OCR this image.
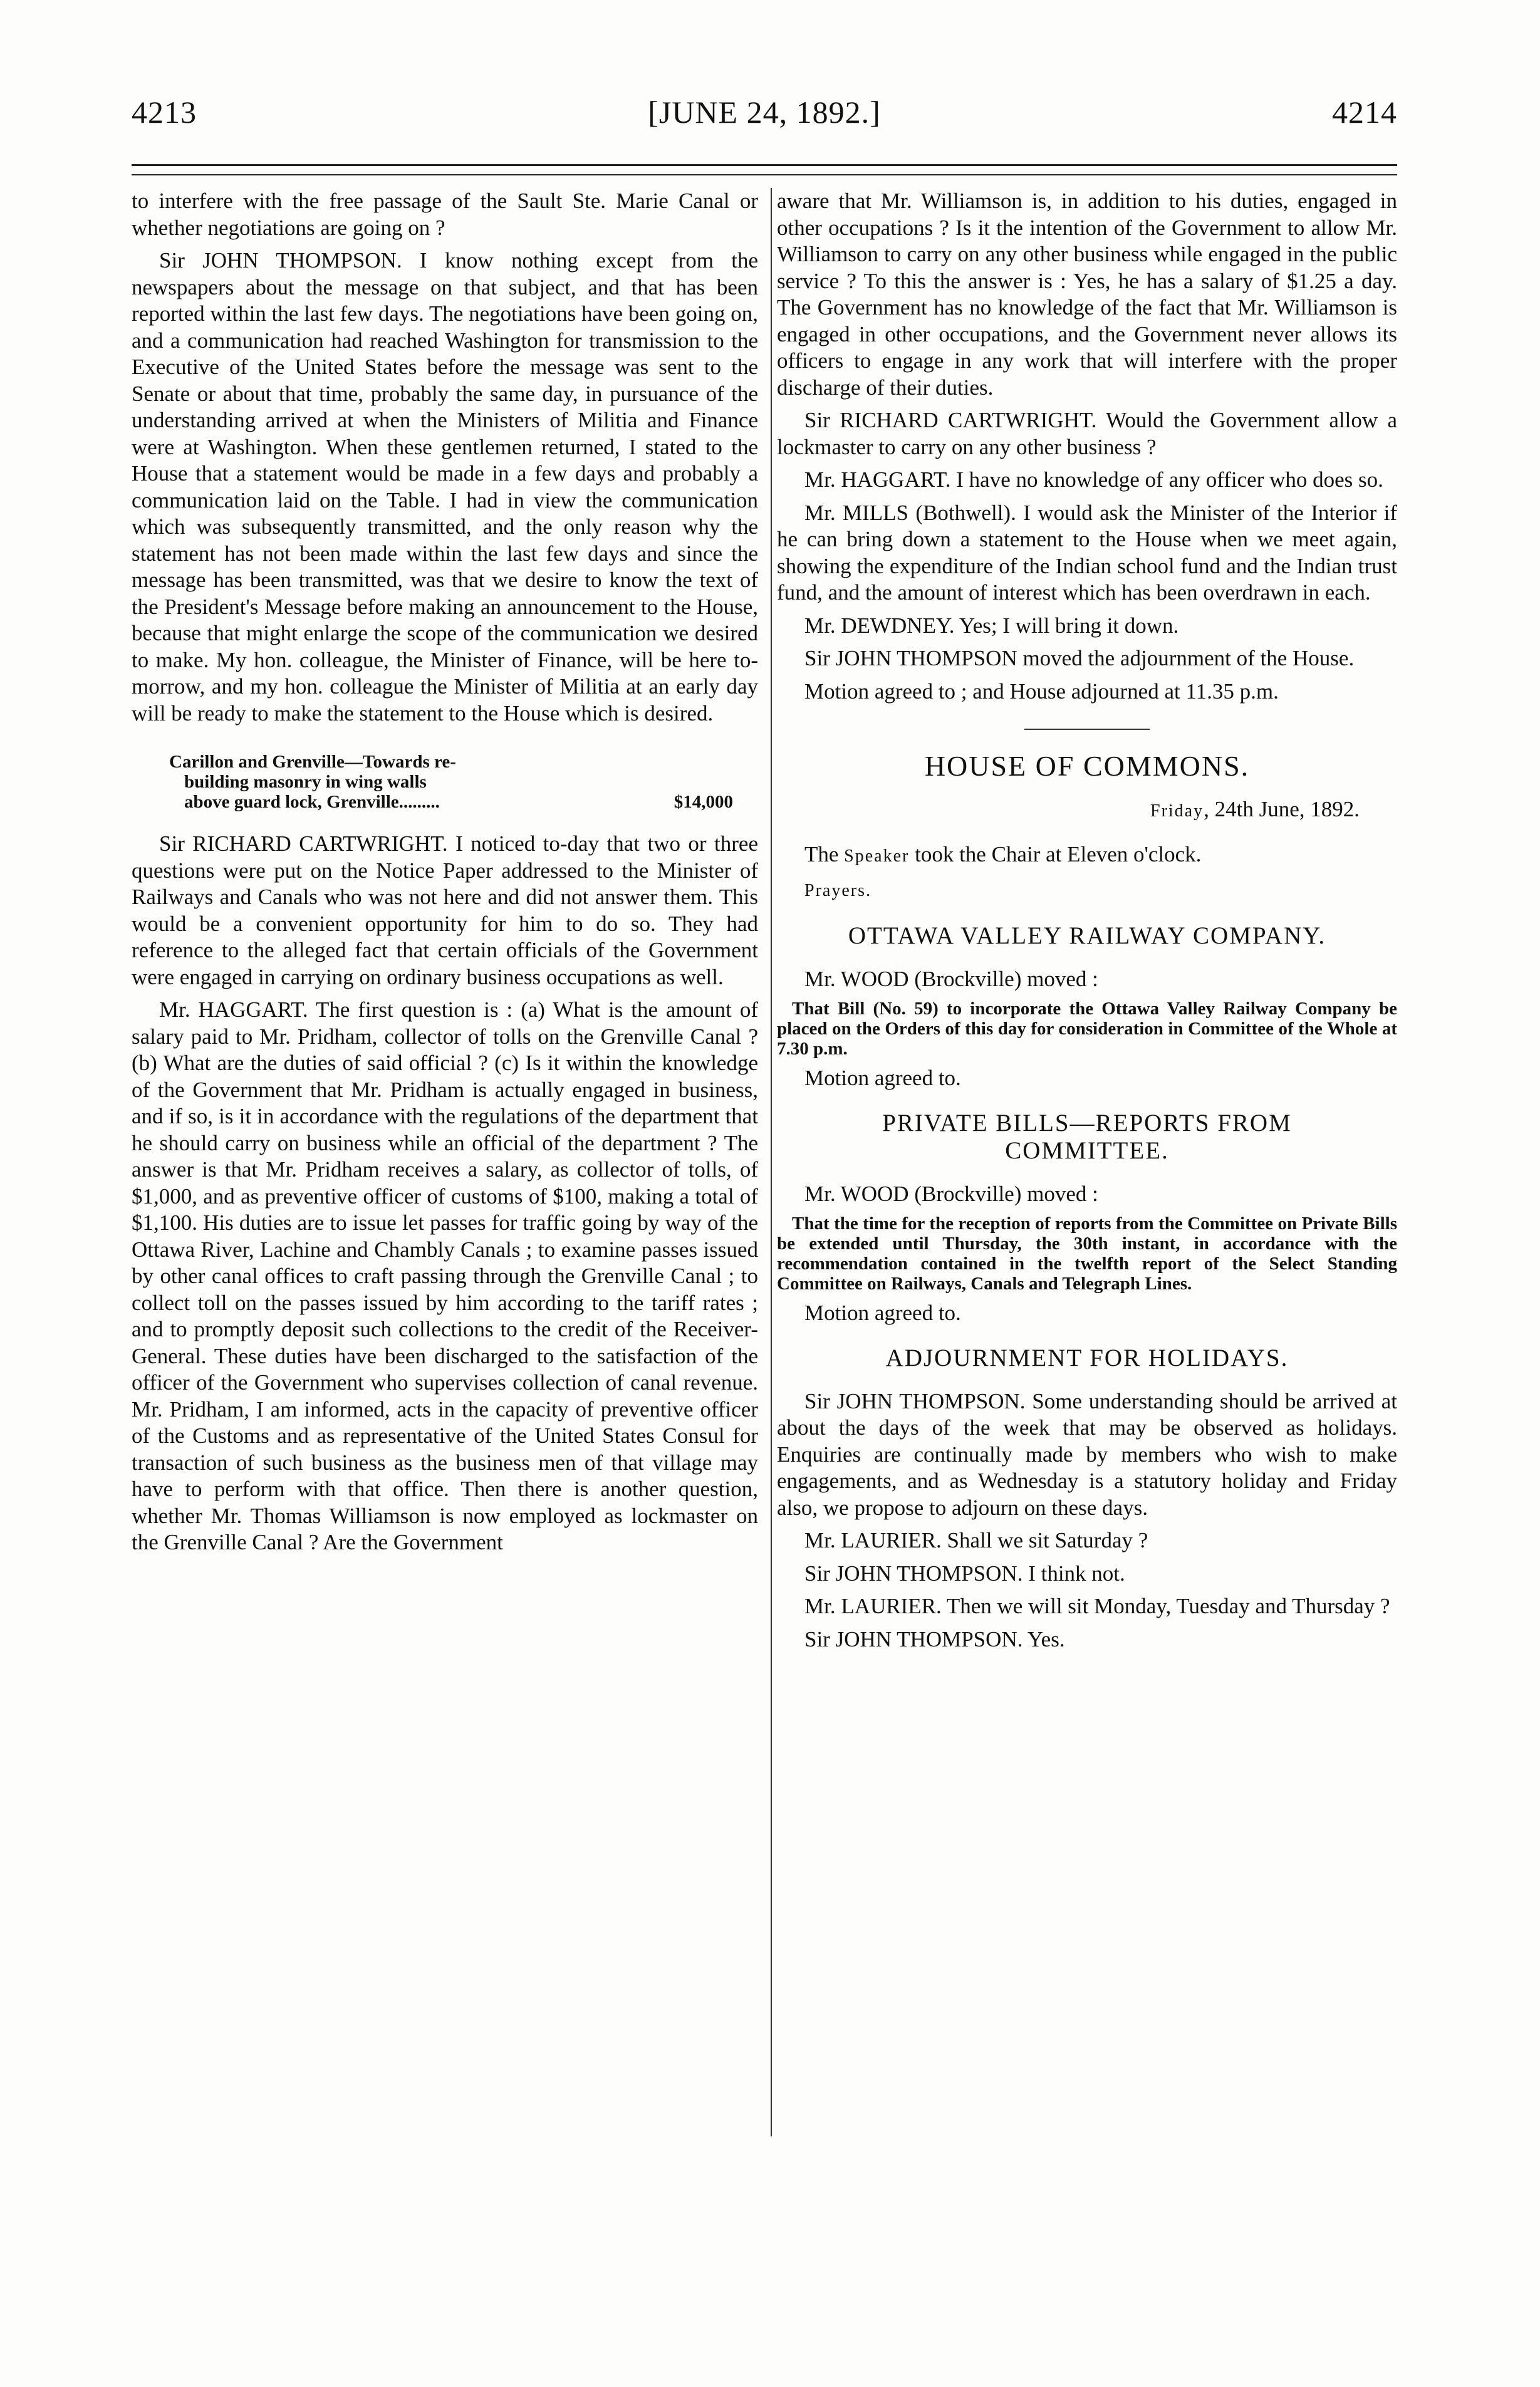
4213	[JUNE 24, 1892.]	4214

to interfere with the free passage of the Sault Ste. Marie Canal or whether negotiations are going on ?

Sir JOHN THOMPSON. I know nothing except from the newspapers about the message on that subject, and that has been reported within the last few days. The negotiations have been going on, and a communication had reached Washington for transmission to the Executive of the United States before the message was sent to the Senate or about that time, probably the same day, in pursuance of the understanding arrived at when the Ministers of Militia and Finance were at Washington. When these gentlemen returned, I stated to the House that a statement would be made in a few days and probably a communication laid on the Table. I had in view the communication which was subsequently transmitted, and the only reason why the statement has not been made within the last few days and since the message has been transmitted, was that we desire to know the text of the President's Message before making an announcement to the House, because that might enlarge the scope of the communication we desired to make. My hon. colleague, the Minister of Finance, will be here to-morrow, and my hon. colleague the Minister of Militia at an early day will be ready to make the statement to the House which is desired.

Carillon and Grenville—Towards re-
building masonry in wing walls
above guard lock, Grenville.........	$14,000

Sir RICHARD CARTWRIGHT. I noticed to-day that two or three questions were put on the Notice Paper addressed to the Minister of Railways and Canals who was not here and did not answer them. This would be a convenient opportunity for him to do so. They had reference to the alleged fact that certain officials of the Government were engaged in carrying on ordinary business occupations as well.

Mr. HAGGART. The first question is : (a) What is the amount of salary paid to Mr. Pridham, collector of tolls on the Grenville Canal ? (b) What are the duties of said official ? (c) Is it within the knowledge of the Government that Mr. Pridham is actually engaged in business, and if so, is it in accordance with the regulations of the department that he should carry on business while an official of the department ? The answer is that Mr. Pridham receives a salary, as collector of tolls, of $1,000, and as preventive officer of customs of $100, making a total of $1,100. His duties are to issue let passes for traffic going by way of the Ottawa River, Lachine and Chambly Canals ; to examine passes issued by other canal offices to craft passing through the Grenville Canal ; to collect toll on the passes issued by him according to the tariff rates ; and to promptly deposit such collections to the credit of the Receiver-General. These duties have been discharged to the satisfaction of the officer of the Government who supervises collection of canal revenue. Mr. Pridham, I am informed, acts in the capacity of preventive officer of the Customs and as representative of the United States Consul for transaction of such business as the business men of that village may have to perform with that office. Then there is another question, whether Mr. Thomas Williamson is now employed as lockmaster on the Grenville Canal ? Are the Government

aware that Mr. Williamson is, in addition to his duties, engaged in other occupations ? Is it the intention of the Government to allow Mr. Williamson to carry on any other business while engaged in the public service ? To this the answer is : Yes, he has a salary of $1.25 a day. The Government has no knowledge of the fact that Mr. Williamson is engaged in other occupations, and the Government never allows its officers to engage in any work that will interfere with the proper discharge of their duties.

Sir RICHARD CARTWRIGHT. Would the Government allow a lockmaster to carry on any other business ?

Mr. HAGGART. I have no knowledge of any officer who does so.

Mr. MILLS (Bothwell). I would ask the Minister of the Interior if he can bring down a statement to the House when we meet again, showing the expenditure of the Indian school fund and the Indian trust fund, and the amount of interest which has been overdrawn in each.

Mr. DEWDNEY. Yes; I will bring it down.

Sir JOHN THOMPSON moved the adjournment of the House.

Motion agreed to ; and House adjourned at 11.35 p.m.

HOUSE OF COMMONS.

Friday, 24th June, 1892.

The Speaker took the Chair at Eleven o'clock.

Prayers.

OTTAWA VALLEY RAILWAY COMPANY.

Mr. WOOD (Brockville) moved :

That Bill (No. 59) to incorporate the Ottawa Valley Railway Company be placed on the Orders of this day for consideration in Committee of the Whole at 7.30 p.m.

Motion agreed to.

PRIVATE BILLS—REPORTS FROM
COMMITTEE.

Mr. WOOD (Brockville) moved :

That the time for the reception of reports from the Committee on Private Bills be extended until Thursday, the 30th instant, in accordance with the recommendation contained in the twelfth report of the Select Standing Committee on Railways, Canals and Telegraph Lines.

Motion agreed to.

ADJOURNMENT FOR HOLIDAYS.

Sir JOHN THOMPSON. Some understanding should be arrived at about the days of the week that may be observed as holidays. Enquiries are continually made by members who wish to make engagements, and as Wednesday is a statutory holiday and Friday also, we propose to adjourn on these days.

Mr. LAURIER. Shall we sit Saturday ?

Sir JOHN THOMPSON. I think not.

Mr. LAURIER. Then we will sit Monday, Tuesday and Thursday ?

Sir JOHN THOMPSON. Yes.
